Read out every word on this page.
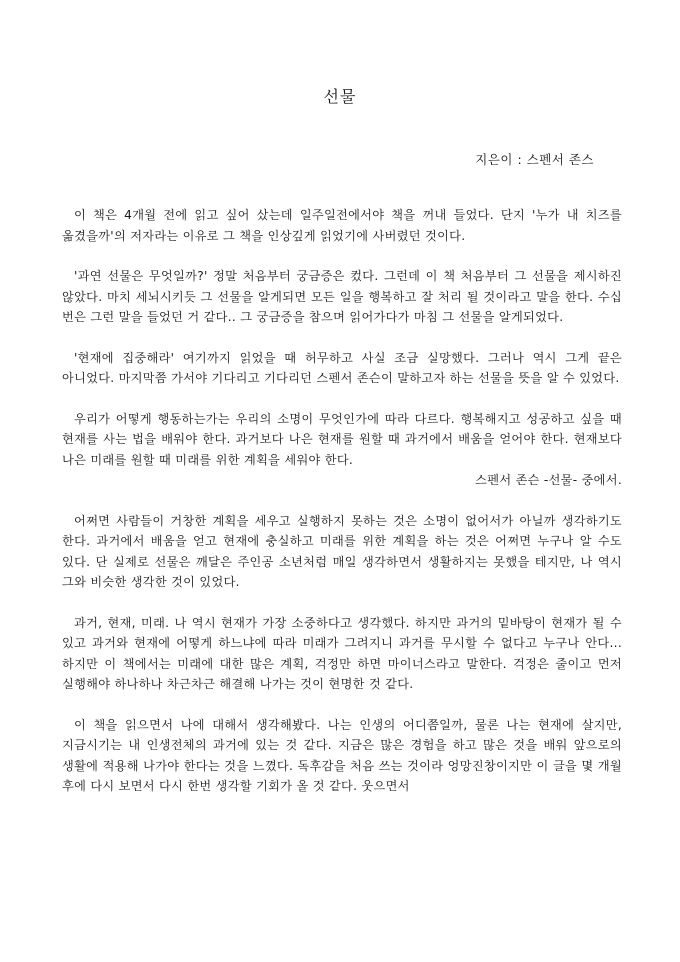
선물
지은이 : 스펜서 존스

이 책은 4개월 전에 읽고 싶어 샀는데 일주일전에서야 책을 꺼내 들었다. 단지 '누가 내 치즈를 옮겼을까'의 저자라는 이유로 그 책을 인상깊게 읽었기에 사버렸던 것이다.

'과연 선물은 무엇일까?' 정말 처음부터 궁금증은 컸다. 그런데 이 책 처음부터 그 선물을 제시하진 않았다. 마치 세뇌시키듯 그 선물을 알게되면 모든 일을 행복하고 잘 처리 될 것이라고 말을 한다. 수십 번은 그런 말을 들었던 거 같다.. 그 궁금증을 참으며 읽어가다가 마침 그 선물을 알게되었다.

'현재에 집중해라' 여기까지 읽었을 때 허무하고 사실 조금 실망했다. 그러나 역시 그게 끝은 아니었다. 마지막쯤 가서야 기다리고 기다리던 스펜서 존슨이 말하고자 하는 선물을 뜻을 알 수 있었다.

우리가 어떻게 행동하는가는 우리의 소명이 무엇인가에 따라 다르다. 행복해지고 성공하고 싶을 때 현재를 사는 법을 배워야 한다. 과거보다 나은 현재를 원할 때 과거에서 배움을 얻어야 한다. 현재보다 나은 미래를 원할 때 미래를 위한 계획을 세워야 한다.

스펜서 존슨 -선물- 중에서.

어쩌면 사람들이 거창한 계획을 세우고 실행하지 못하는 것은 소명이 없어서가 아닐까 생각하기도 한다. 과거에서 배움을 얻고 현재에 충실하고 미래를 위한 계획을 하는 것은 어쩌면 누구나 알 수도 있다. 단 실제로 선물은 깨달은 주인공 소년처럼 매일 생각하면서 생활하지는 못했을 테지만, 나 역시 그와 비슷한 생각한 것이 있었다.

과거, 현재, 미래. 나 역시 현재가 가장 소중하다고 생각했다. 하지만 과거의 밑바탕이 현재가 될 수 있고 과거와 현재에 어떻게 하느냐에 따라 미래가 그려지니 과거를 무시할 수 없다고 누구나 안다...하지만 이 책에서는 미래에 대한 많은 계획, 걱정만 하면 마이너스라고 말한다. 걱정은 줄이고 먼저 실행해야 하나하나 차근차근 해결해 나가는 것이 현명한 것 같다.

이 책을 읽으면서 나에 대해서 생각해봤다. 나는 인생의 어디쯤일까, 물론 나는 현재에 살지만, 지금시기는 내 인생전체의 과거에 있는 것 같다. 지금은 많은 경험을 하고 많은 것을 배워 앞으로의 생활에 적용해 나가야 한다는 것을 느꼈다. 독후감을 처음 쓰는 것이라 엉망진창이지만 이 글을 몇 개월 후에 다시 보면서 다시 한번 생각할 기회가 올 것 같다. 웃으면서
